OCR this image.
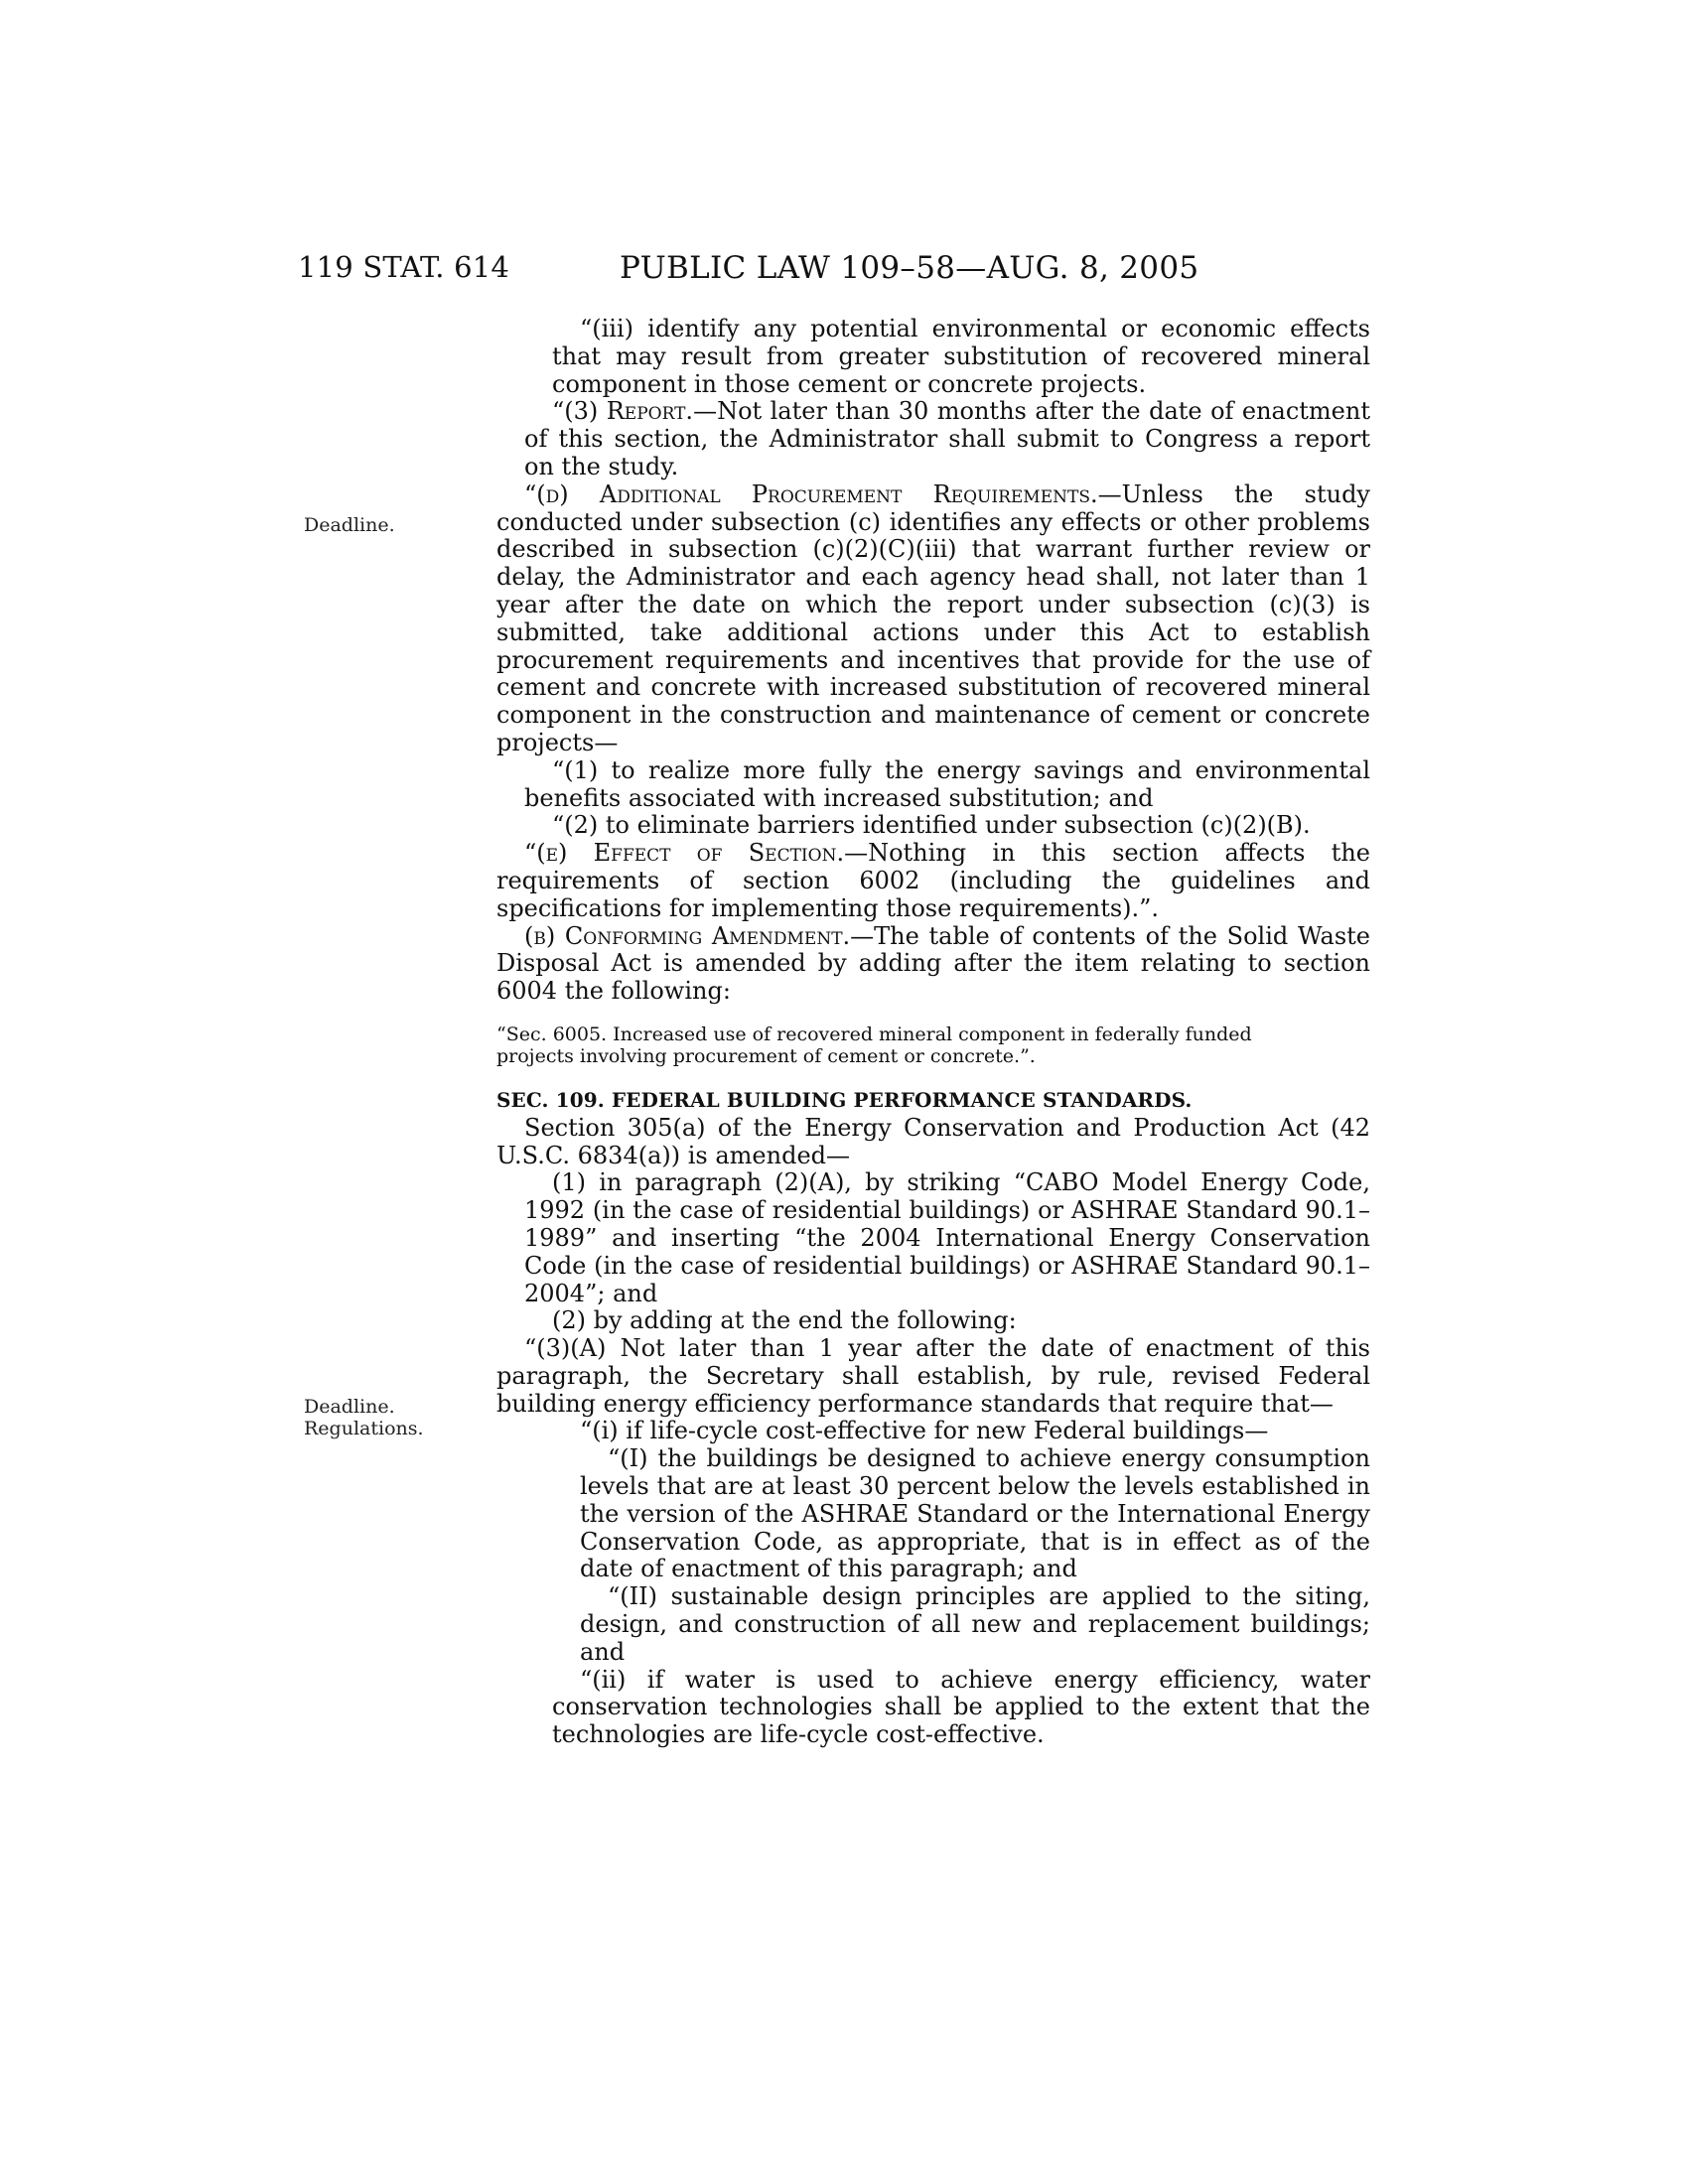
119 STAT. 614	PUBLIC LAW 109–58—AUG. 8, 2005
Deadline.
Deadline.
Regulations.

“(iii) identify any potential environmental or economic effects that may result from greater substitution of recovered mineral component in those cement or concrete projects.

“(3) Report.—Not later than 30 months after the date of enactment of this section, the Administrator shall submit to Congress a report on the study.

“(d) Additional Procurement Requirements.—Unless the study conducted under subsection (c) identifies any effects or other problems described in subsection (c)(2)(C)(iii) that warrant further review or delay, the Administrator and each agency head shall, not later than 1 year after the date on which the report under subsection (c)(3) is submitted, take additional actions under this Act to establish procurement requirements and incentives that provide for the use of cement and concrete with increased substitution of recovered mineral component in the construction and maintenance of cement or concrete projects—

“(1) to realize more fully the energy savings and environmental benefits associated with increased substitution; and

“(2) to eliminate barriers identified under subsection (c)(2)(B).

“(e) Effect of Section.—Nothing in this section affects the requirements of section 6002 (including the guidelines and specifications for implementing those requirements).”.

(b) Conforming Amendment.—The table of contents of the Solid Waste Disposal Act is amended by adding after the item relating to section 6004 the following:

“Sec. 6005. Increased use of recovered mineral component in federally funded
projects involving procurement of cement or concrete.”.

SEC. 109. FEDERAL BUILDING PERFORMANCE STANDARDS.

Section 305(a) of the Energy Conservation and Production Act (42 U.S.C. 6834(a)) is amended—

(1) in paragraph (2)(A), by striking “CABO Model Energy Code, 1992 (in the case of residential buildings) or ASHRAE Standard 90.1–1989” and inserting “the 2004 International Energy Conservation Code (in the case of residential buildings) or ASHRAE Standard 90.1–2004”; and

(2) by adding at the end the following:

“(3)(A) Not later than 1 year after the date of enactment of this paragraph, the Secretary shall establish, by rule, revised Federal building energy efficiency performance standards that require that—

“(i) if life-cycle cost-effective for new Federal buildings—

“(I) the buildings be designed to achieve energy consumption levels that are at least 30 percent below the levels established in the version of the ASHRAE Standard or the International Energy Conservation Code, as appropriate, that is in effect as of the date of enactment of this paragraph; and

“(II) sustainable design principles are applied to the siting, design, and construction of all new and replacement buildings; and

“(ii) if water is used to achieve energy efficiency, water conservation technologies shall be applied to the extent that the technologies are life-cycle cost-effective.
